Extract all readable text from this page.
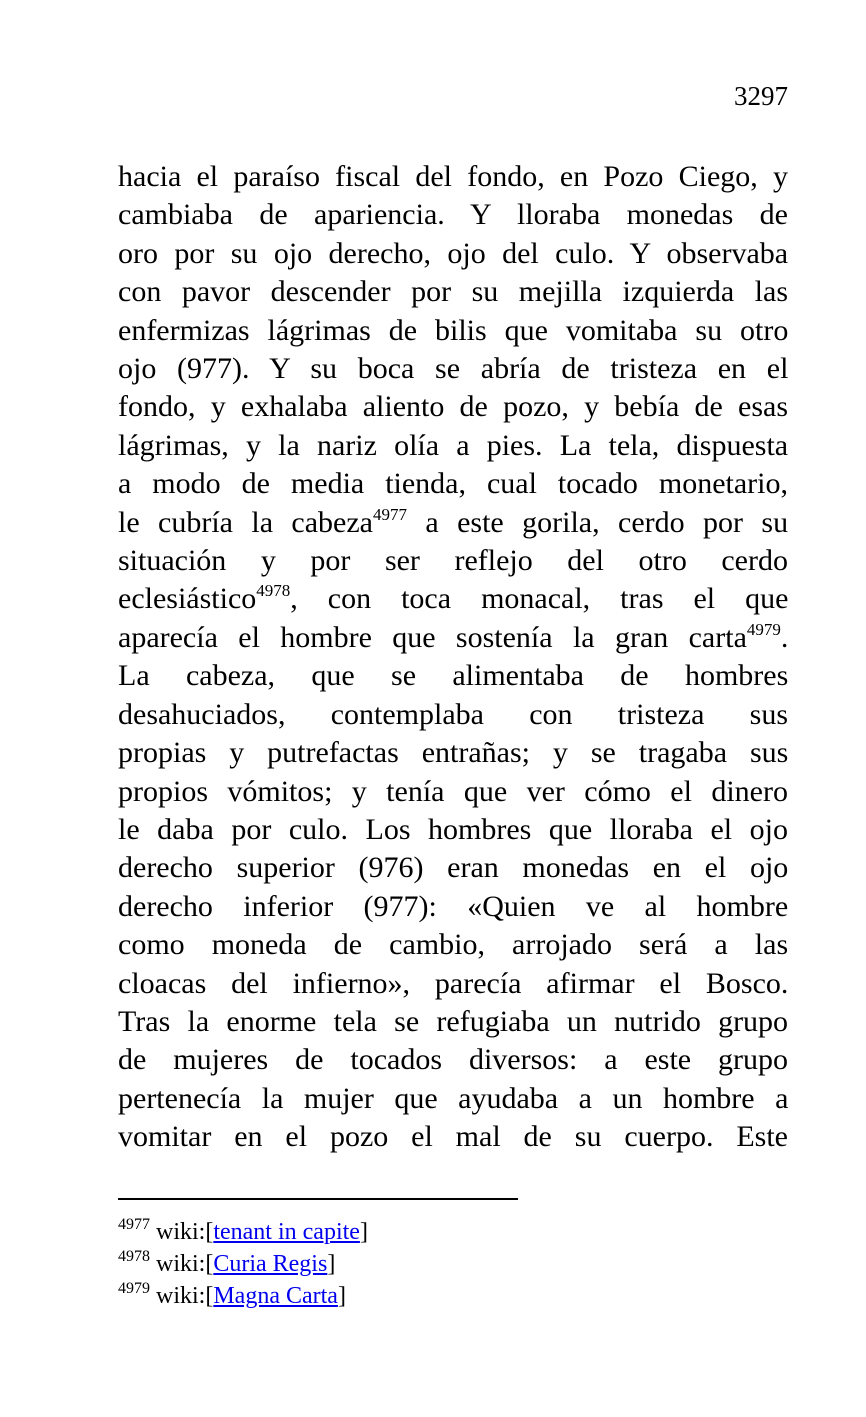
3297
hacia el paraíso fiscal del fondo, en Pozo Ciego, y
cambiaba de apariencia. Y lloraba monedas de
oro por su ojo derecho, ojo del culo. Y observaba
con pavor descender por su mejilla izquierda las
enfermizas lágrimas de bilis que vomitaba su otro
ojo (977). Y su boca se abría de tristeza en el
fondo, y exhalaba aliento de pozo, y bebía de esas
lágrimas, y la nariz olía a pies. La tela, dispuesta
a modo de media tienda, cual tocado monetario,
le cubría la cabeza$^{4977}$ a este gorila, cerdo por su
situación y por ser reflejo del otro cerdo
eclesiástico$^{4978}$, con toca monacal, tras el que
aparecía el hombre que sostenía la gran carta$^{4979}$.
La cabeza, que se alimentaba de hombres
desahuciados, contemplaba con tristeza sus
propias y putrefactas entrañas; y se tragaba sus
propios vómitos; y tenía que ver cómo el dinero
le daba por culo. Los hombres que lloraba el ojo
derecho superior (976) eran monedas en el ojo
derecho inferior (977): «Quien ve al hombre
como moneda de cambio, arrojado será a las
cloacas del infierno», parecía afirmar el Bosco.
Tras la enorme tela se refugiaba un nutrido grupo
de mujeres de tocados diversos: a este grupo
pertenecía la mujer que ayudaba a un hombre a
vomitar en el pozo el mal de su cuerpo. Este
$^{4977}$ wiki:[tenant in capite]
$^{4978}$ wiki:[Curia Regis]
$^{4979}$ wiki:[Magna Carta]
